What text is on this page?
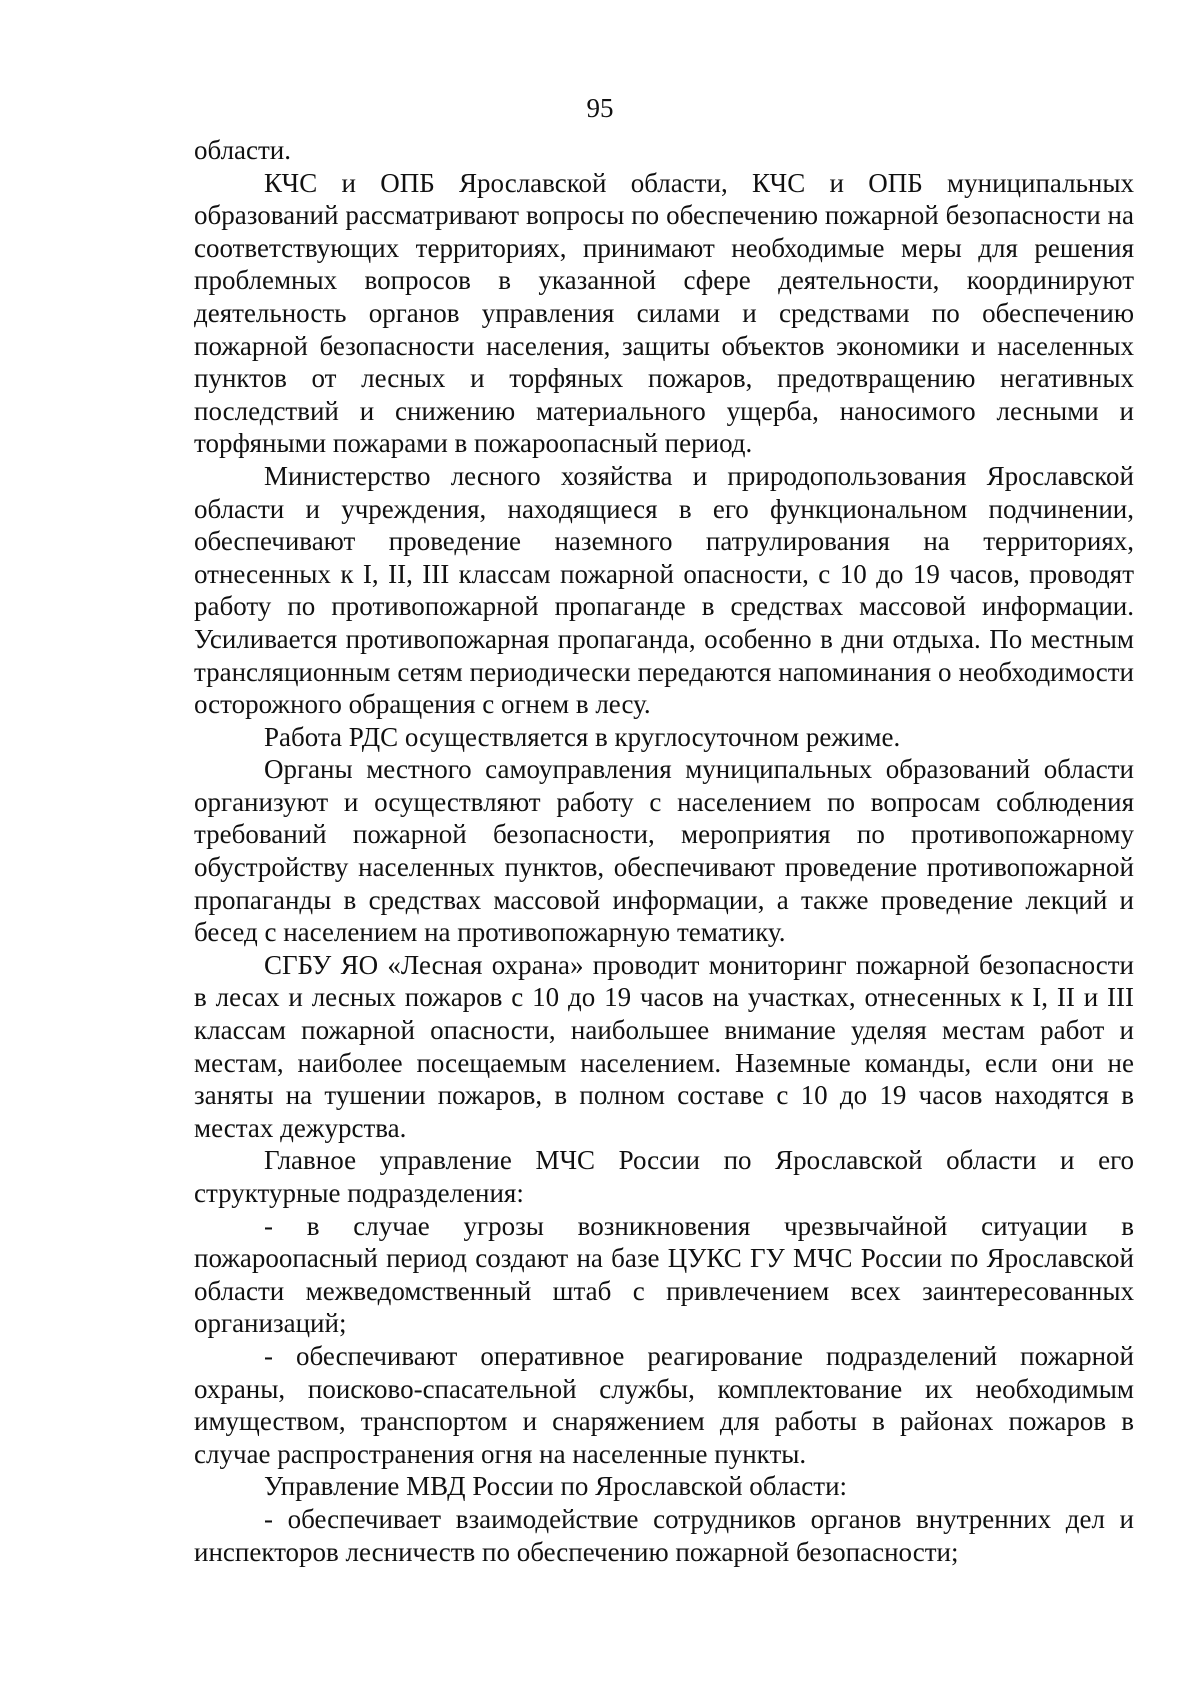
95

области.

КЧС и ОПБ Ярославской области, КЧС и ОПБ муниципальных образований рассматривают вопросы по обеспечению пожарной безопасности на соответствующих территориях, принимают необходимые меры для решения проблемных вопросов в указанной сфере деятельности, координируют деятельность органов управления силами и средствами по обеспечению пожарной безопасности населения, защиты объектов экономики и населенных пунктов от лесных и торфяных пожаров, предотвращению негативных последствий и снижению материального ущерба, наносимого лесными и торфяными пожарами в пожароопасный период.

Министерство лесного хозяйства и природопользования Ярославской области и учреждения, находящиеся в его функциональном подчинении, обеспечивают проведение наземного патрулирования на территориях, отнесенных к I, II, III классам пожарной опасности, с 10 до 19 часов, проводят работу по противопожарной пропаганде в средствах массовой информации. Усиливается противопожарная пропаганда, особенно в дни отдыха. По местным трансляционным сетям периодически передаются напоминания о необходимости осторожного обращения с огнем в лесу.

Работа РДС осуществляется в круглосуточном режиме.

Органы местного самоуправления муниципальных образований области организуют и осуществляют работу с населением по вопросам соблюдения требований пожарной безопасности, мероприятия по противопожарному обустройству населенных пунктов, обеспечивают проведение противопожарной пропаганды в средствах массовой информации, а также проведение лекций и бесед с населением на противопожарную тематику.

СГБУ ЯО «Лесная охрана» проводит мониторинг пожарной безопасности в лесах и лесных пожаров с 10 до 19 часов на участках, отнесенных к I, II и III классам пожарной опасности, наибольшее внимание уделяя местам работ и местам, наиболее посещаемым населением. Наземные команды, если они не заняты на тушении пожаров, в полном составе с 10 до 19 часов находятся в местах дежурства.

Главное управление МЧС России по Ярославской области и его структурные подразделения:

- в случае угрозы возникновения чрезвычайной ситуации в пожароопасный период создают на базе ЦУКС ГУ МЧС России по Ярославской области межведомственный штаб с привлечением всех заинтересованных организаций;

- обеспечивают оперативное реагирование подразделений пожарной охраны, поисково-спасательной службы, комплектование их необходимым имуществом, транспортом и снаряжением для работы в районах пожаров в случае распространения огня на населенные пункты.

Управление МВД России по Ярославской области:

- обеспечивает взаимодействие сотрудников органов внутренних дел и инспекторов лесничеств по обеспечению пожарной безопасности;
